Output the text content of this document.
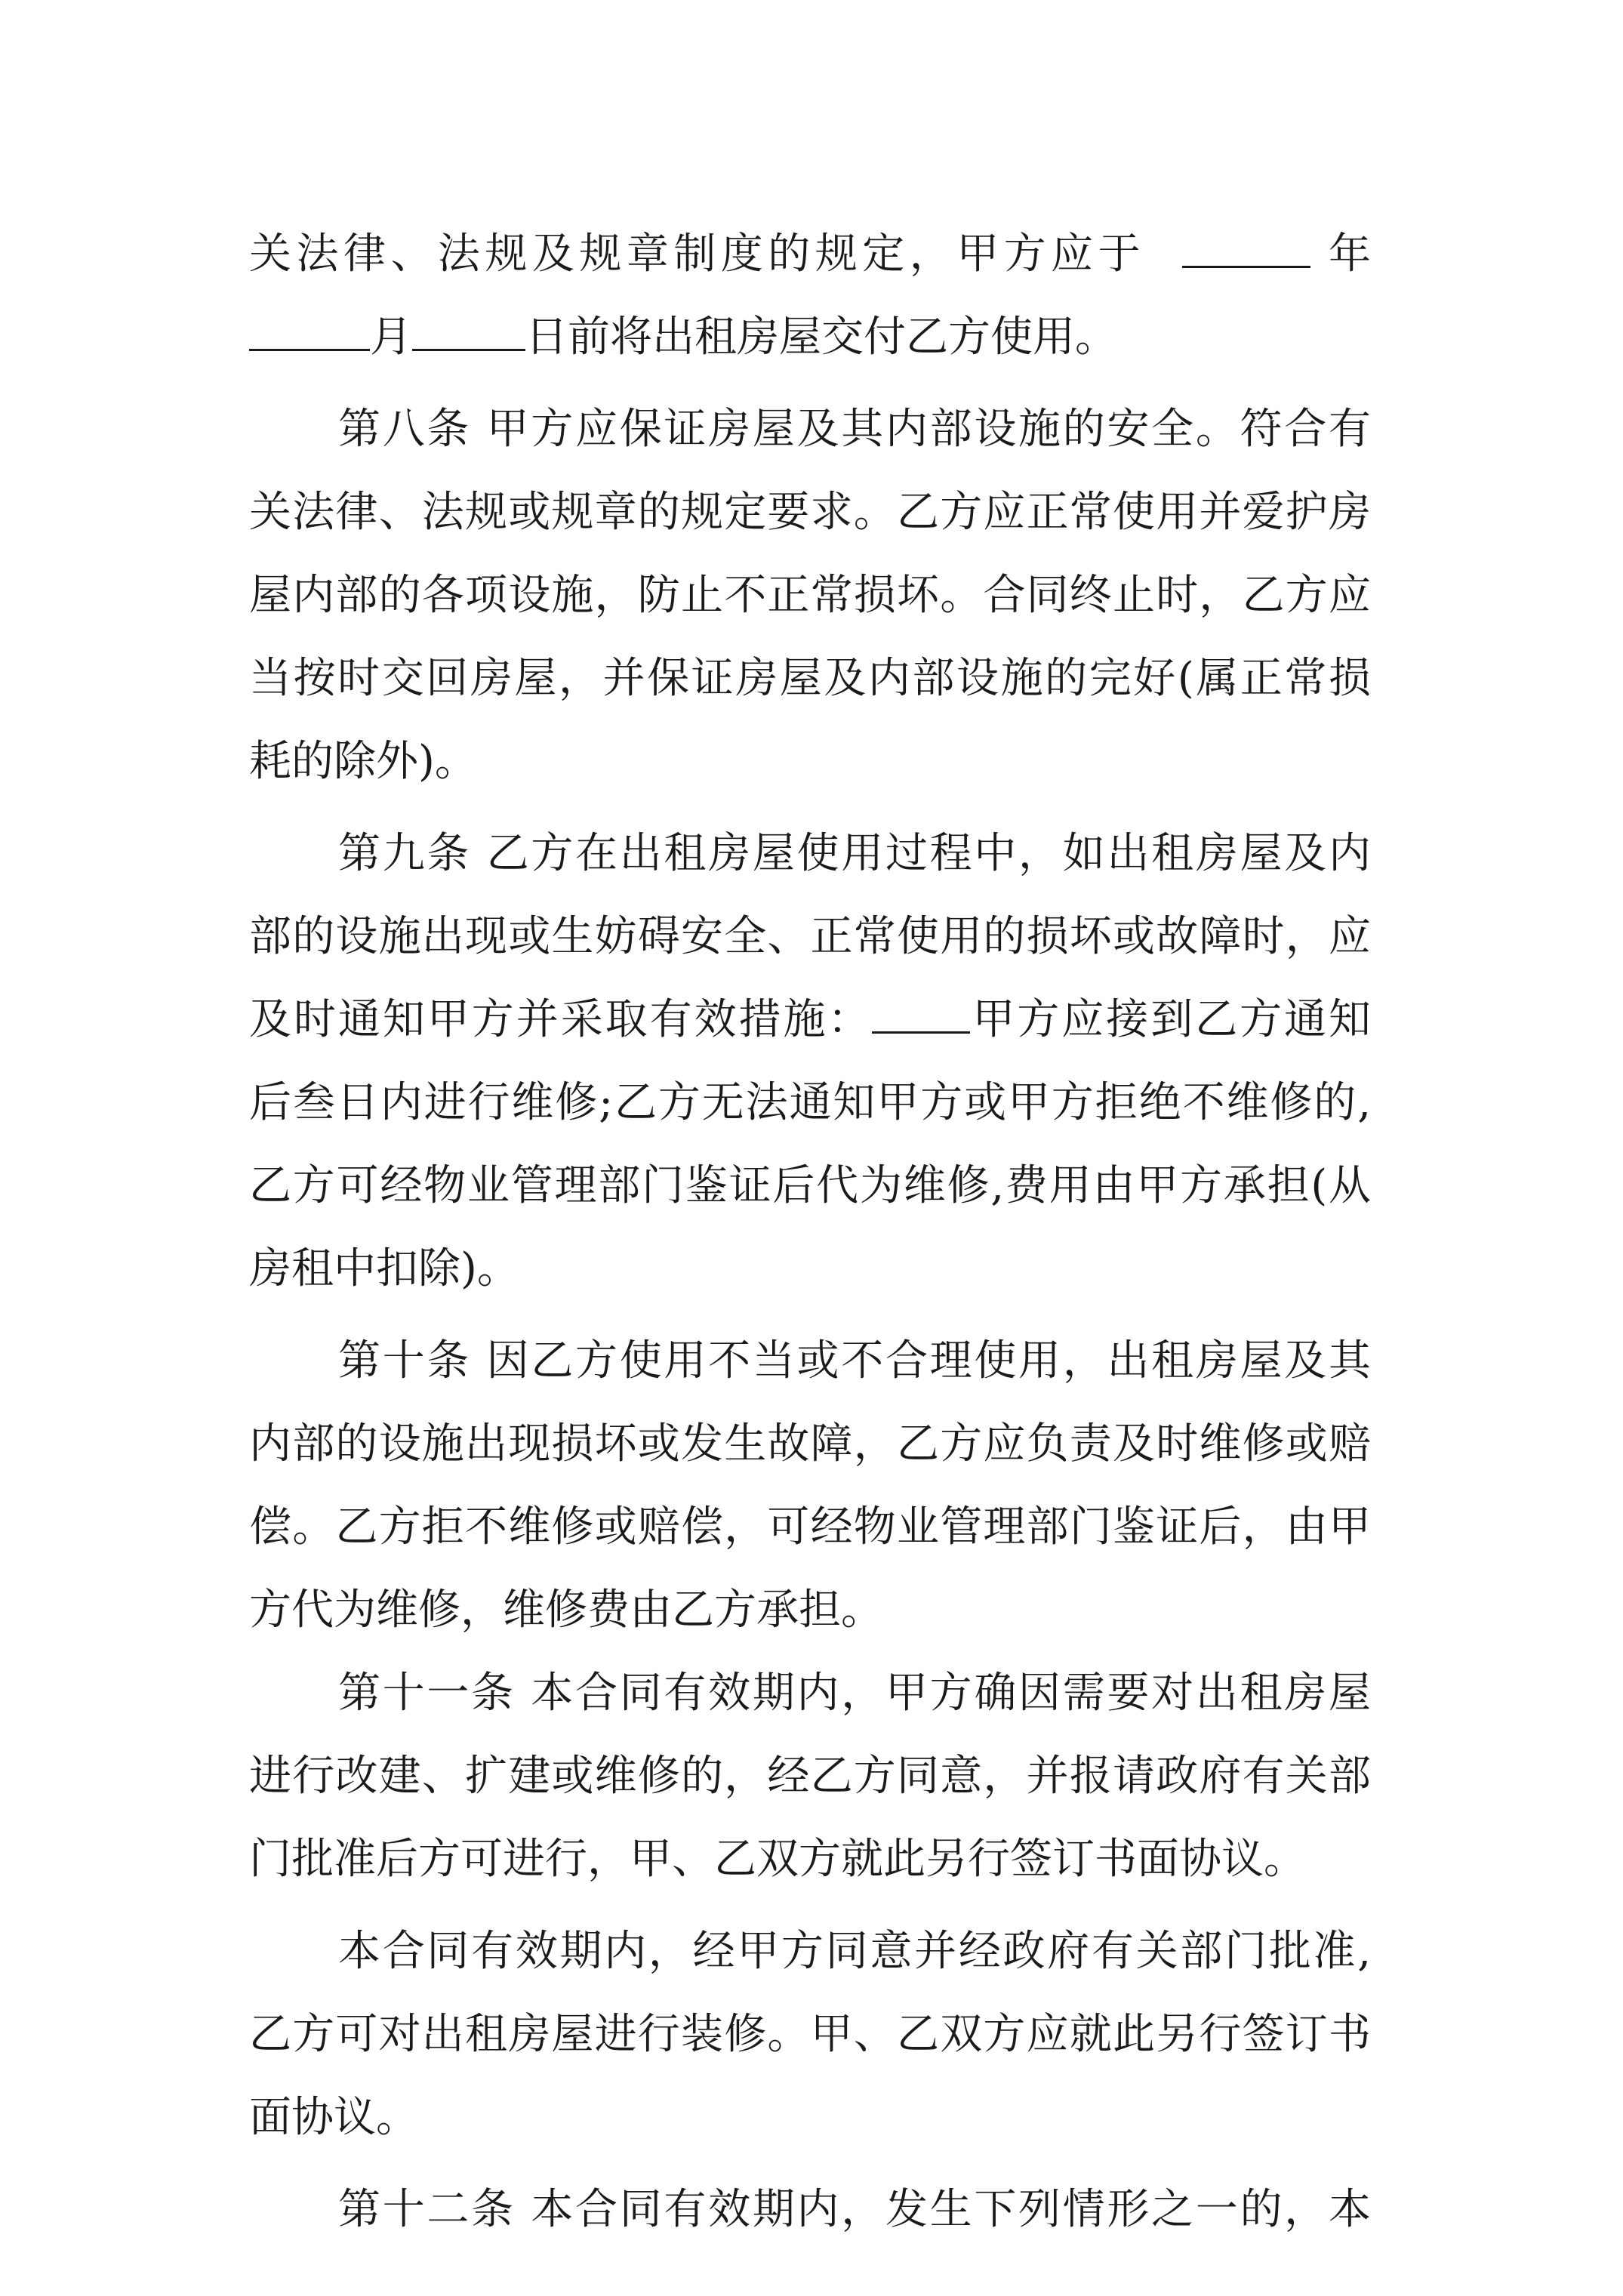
关法律、法规及规章制度的规定，甲方应于	年
月	日前将出租房屋交付乙方使用。
第八条 甲方应保证房屋及其内部设施的安全。符合有
关法律、法规或规章的规定要求。乙方应正常使用并爱护房
屋内部的各项设施，防止不正常损坏。合同终止时，乙方应
当按时交回房屋，并保证房屋及内部设施的完好(属正常损
耗的除外)。
第九条 乙方在出租房屋使用过程中，如出租房屋及内
部的设施出现或生妨碍安全、正常使用的损坏或故障时，应
及时通知甲方并采取有效措施： 甲方应接到乙方通知
后叁日内进行维修;乙方无法通知甲方或甲方拒绝不维修的,
乙方可经物业管理部门鉴证后代为维修,费用由甲方承担(从
房租中扣除)。
第十条 因乙方使用不当或不合理使用，出租房屋及其
内部的设施出现损坏或发生故障，乙方应负责及时维修或赔
偿。乙方拒不维修或赔偿，可经物业管理部门鉴证后，由甲
方代为维修，维修费由乙方承担。
第十一条 本合同有效期内，甲方确因需要对出租房屋
进行改建、扩建或维修的，经乙方同意，并报请政府有关部
门批准后方可进行，甲、乙双方就此另行签订书面协议。
本合同有效期内，经甲方同意并经政府有关部门批准,
乙方可对出租房屋进行装修。甲、乙双方应就此另行签订书
面协议。
第十二条 本合同有效期内，发生下列情形之一的，本
